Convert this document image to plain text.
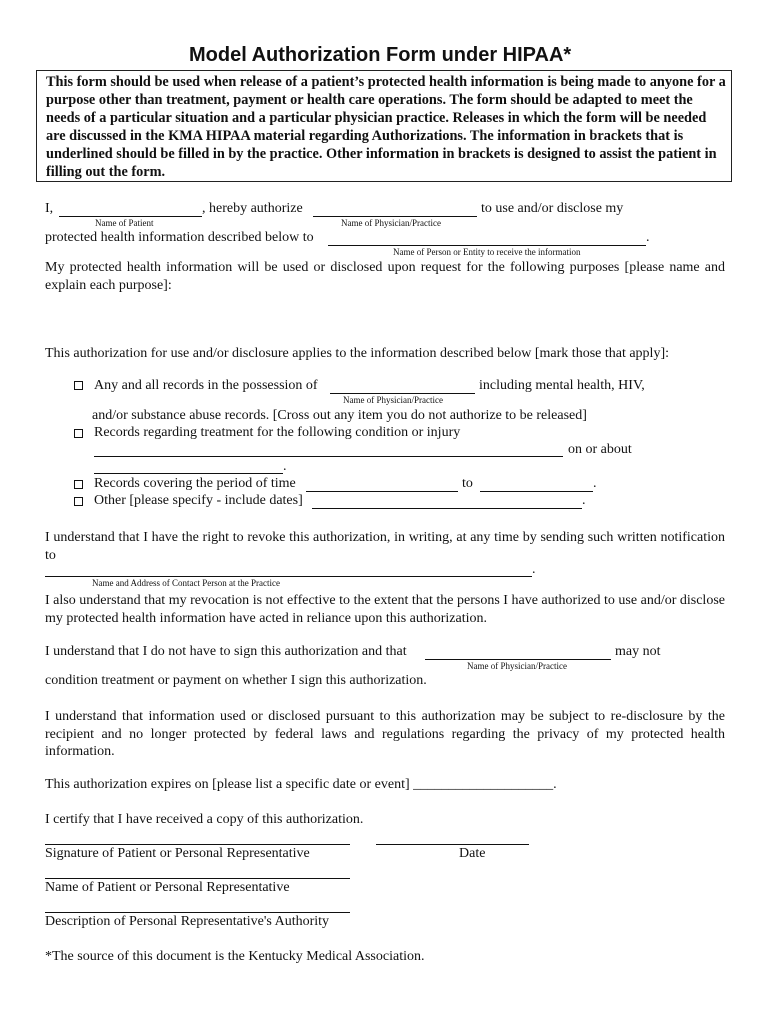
Model Authorization Form under HIPAA*
This form should be used when release of a patient’s protected health information is being made to anyone for a purpose other than treatment, payment or health care operations. The form should be adapted to meet the needs of a particular situation and a particular physician practice. Releases in which the form will be needed are discussed in the KMA HIPAA material regarding Authorizations. The information in brackets that is underlined should be filled in by the practice. Other information in brackets is designed to assist the patient in filling out the form.
I,
Name of Patient
, hereby authorize
Name of Physician/Practice
to use and/or disclose my
protected health information described below to	.
Name of Person or Entity to receive the information
My protected health information will be used or disclosed upon request for the following purposes [please name and explain each purpose]:
This authorization for use and/or disclosure applies to the information described below [mark those that apply]:
Any and all records in the possession of
Name of Physician/Practice
including mental health, HIV,
and/or substance abuse records. [Cross out any item you do not authorize to be released]
Records regarding treatment for the following condition or injury
on or about
.
Records covering the period of time	to	.
Other [please specify - include dates]	.
I understand that I have the right to revoke this authorization, in writing, at any time by sending such written notification to
.
Name and Address of Contact Person at the Practice
I also understand that my revocation is not effective to the extent that the persons I have authorized to use and/or disclose my protected health information have acted in reliance upon this authorization.
I understand that I do not have to sign this authorization and that
Name of Physician/Practice
may not
condition treatment or payment on whether I sign this authorization.
I understand that information used or disclosed pursuant to this authorization may be subject to re-disclosure by the recipient and no longer protected by federal laws and regulations regarding the privacy of my protected health information.
This authorization expires on [please list a specific date or event] ____________________.
I certify that I have received a copy of this authorization.
Signature of Patient or Personal Representative	Date
Name of Patient or Personal Representative
Description of Personal Representative's Authority
*The source of this document is the Kentucky Medical Association.
